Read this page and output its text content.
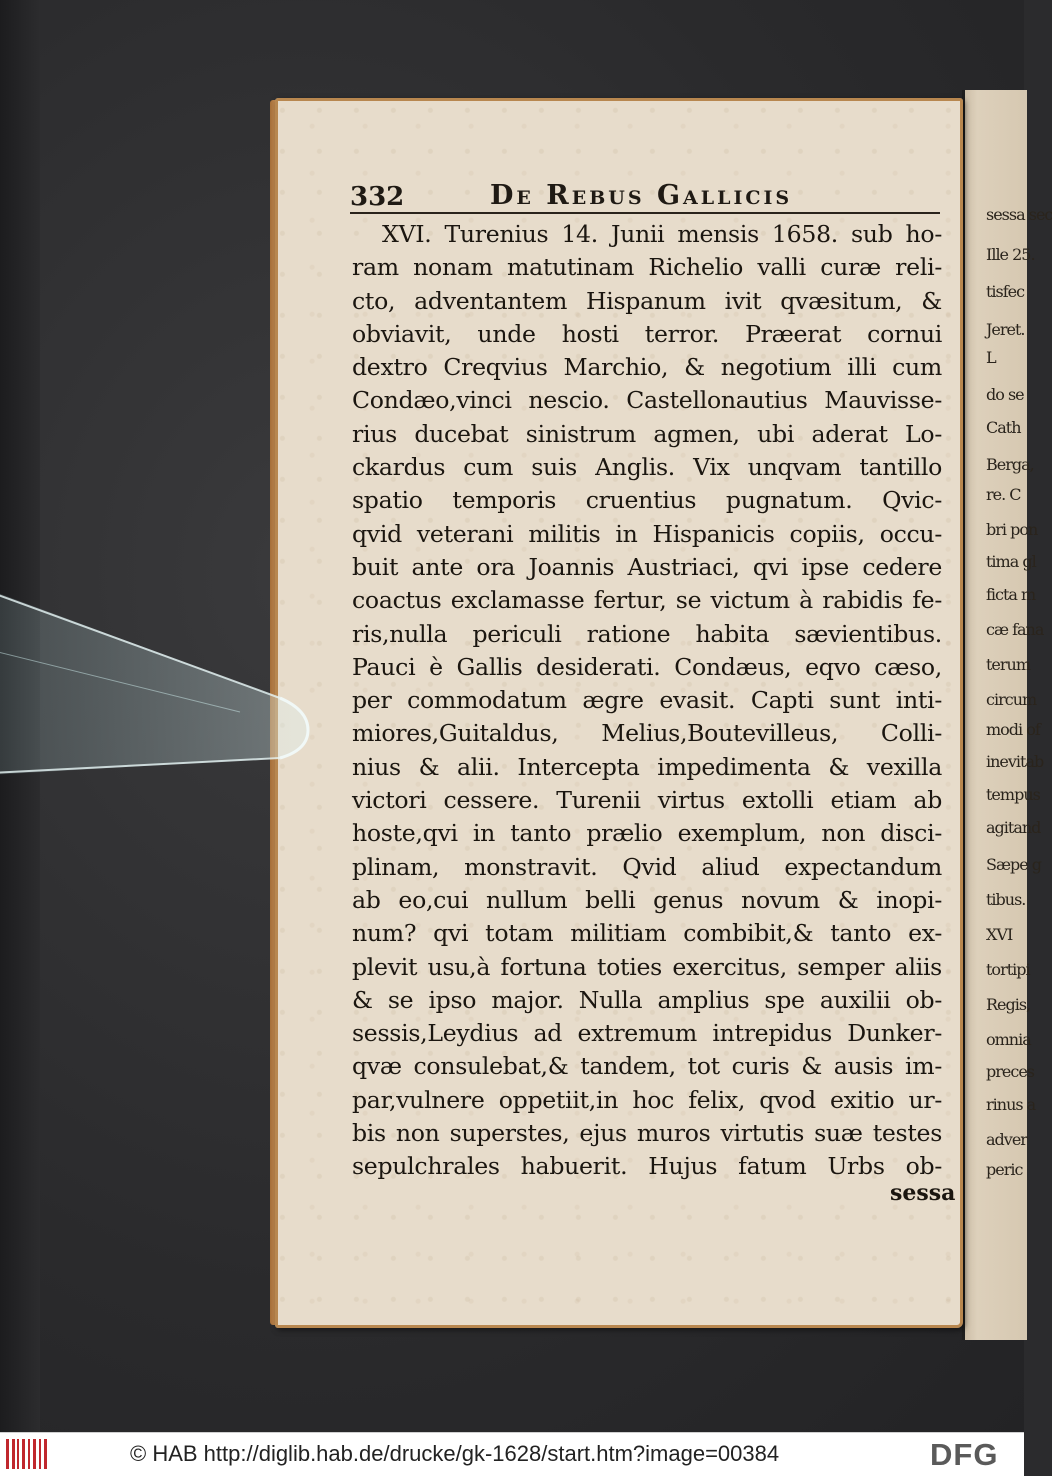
sessa sec
Ille 25.
tisfec
Jeret.
L
do se
Cath
Berga,
re. C
bri pon
tima gl
ficta m
cæ fana
terum
circum
modi of
inevitab
tempus
agitand
Sæpe g
tibus.
XVI
tortipi
Regis,
omnia
preces
rinus a
adver
peric
332	De Rebus Gallicis
XVI. Turenius 14. Junii mensis 1658. sub ho-
ram nonam matutinam Richelio valli curæ reli-
cto, adventantem Hispanum ivit qvæsitum, &
obviavit, unde hosti terror. Præerat cornui
dextro Creqvius Marchio, & negotium illi cum
Condæo,vinci nescio. Castellonautius Mauvisse-
rius ducebat sinistrum agmen, ubi aderat Lo-
ckardus cum suis Anglis. Vix unqvam tantillo
spatio temporis cruentius pugnatum. Qvic-
qvid veterani militis in Hispanicis copiis, occu-
buit ante ora Joannis Austriaci, qvi ipse cedere
coactus exclamasse fertur, se victum à rabidis fe-
ris,nulla periculi ratione habita sævientibus.
Pauci è Gallis desiderati. Condæus, eqvo cæso,
per commodatum ægre evasit. Capti sunt inti-
miores,Guitaldus, Melius,Boutevilleus, Colli-
nius & alii. Intercepta impedimenta & vexilla
victori cessere. Turenii virtus extolli etiam ab
hoste,qvi in tanto prælio exemplum, non disci-
plinam, monstravit. Qvid aliud expectandum
ab eo,cui nullum belli genus novum & inopi-
num? qvi totam militiam combibit,& tanto ex-
plevit usu,à fortuna toties exercitus, semper aliis
& se ipso major. Nulla amplius spe auxilii ob-
sessis,Leydius ad extremum intrepidus Dunker-
qvæ consulebat,& tandem, tot curis & ausis im-
par,vulnere oppetiit,in hoc felix, qvod exitio ur-
bis non superstes, ejus muros virtutis suæ testes
sepulchrales habuerit. Hujus fatum Urbs ob-
sessa
© HAB http://diglib.hab.de/drucke/gk-1628/start.htm?image=00384	DFG
